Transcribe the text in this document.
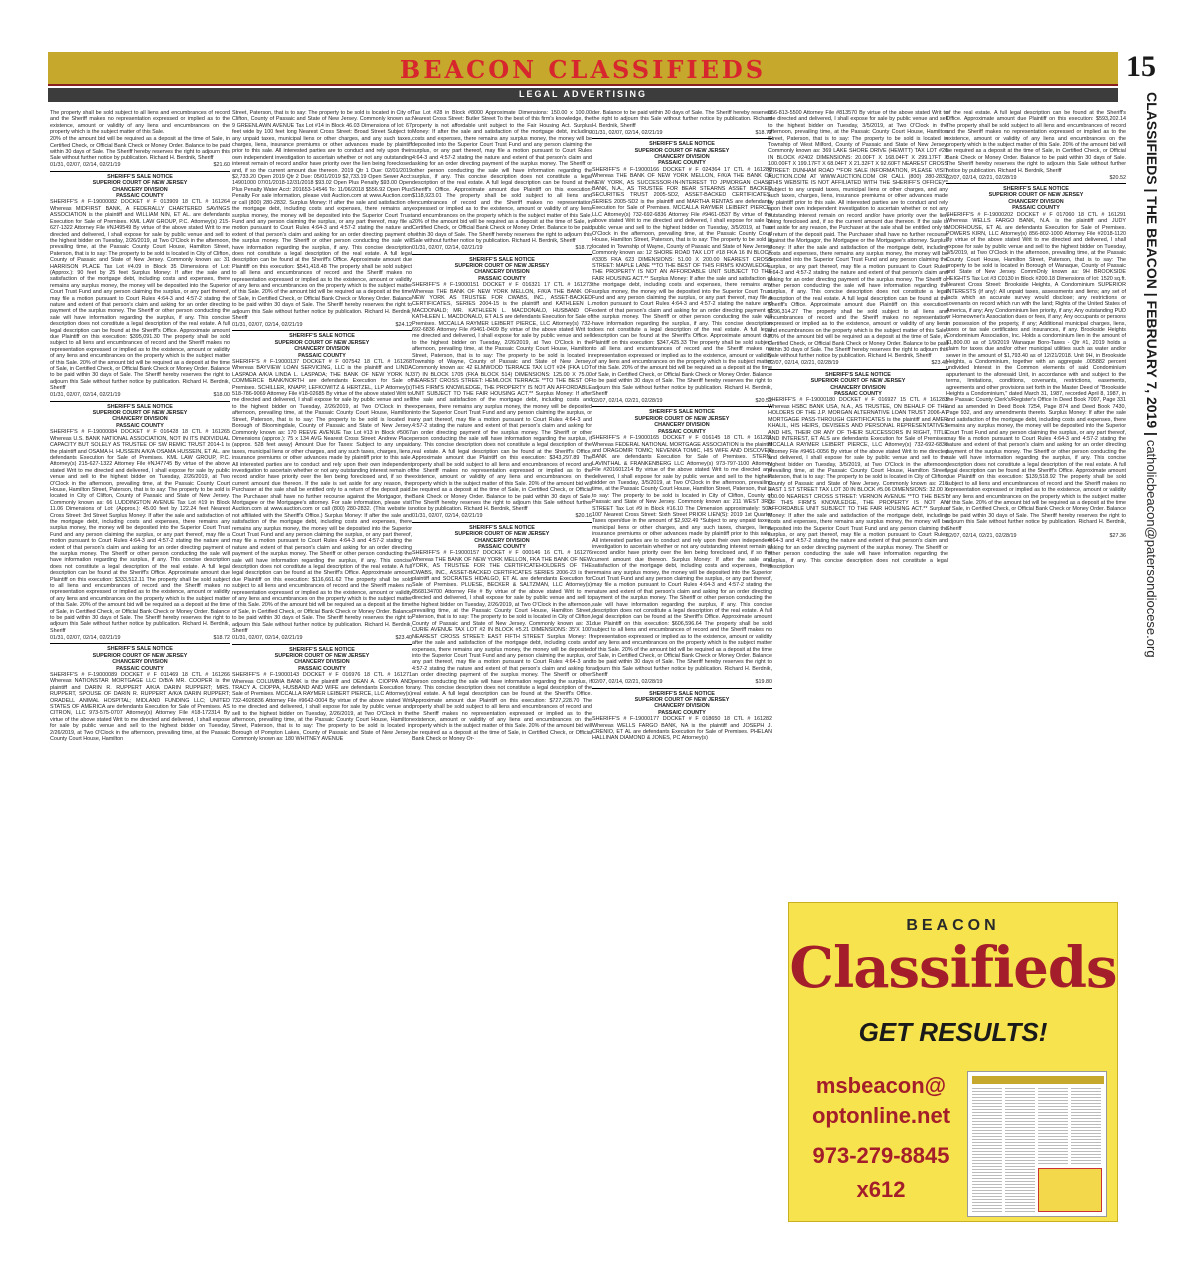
BEACON CLASSIFIEDS
LEGAL ADVERTISING
15
CLASSIFIEDS | THE BEACON | FEBRUARY 7, 2019 | catholicbeacon@patersondiocese.org

The property shall be sold subject to all liens and encumbrances of record and the Sheriff makes no representation expressed or implied as to the existence, amount or validity of any liens and encumbrances on the property which is the subject matter of this Sale.

20% of the amount bid will be required as a deposit at the time of Sale, in Certified Check, or Official Bank Check or Money Order. Balance to be paid within 30 days of Sale. The Sheriff hereby reserves the right to adjourn this Sale without further notice by publication. Richard H. Berdnik, Sheriff

01/31, 02/07, 02/14, 02/21/19	$21.60

SHERIFF'S SALE NOTICE

SUPERIOR COURT OF NEW JERSEY

CHANCERY DIVISION

PASSAIC COUNTY

SHERIFF'S # F-19000082 DOCKET # F 013909 18 CTL # 161264 Whereas MIDFIRST BANK, A FEDERALLY CHARTERED SAVINGS ASSOCIATION is the plaintiff and WILLIAM NIN, ET AL. are defendants Execution for Sale of Premises. KML LAW GROUP, P.C. Attorney(s) 215-627-1322 Attorney File #NJ49549 By virtue of the above stated Writ to me directed and delivered, I shall expose for sale by public venue and sell to the highest bidder on Tuesday, 2/26/2019, at Two O'Clock in the afternoon, prevailing time, at the Passaic County Court House, Hamilton Street, Paterson, that is to say: The property to be sold is located in City of Clifton, County of Passaic and State of New Jersey. Commonly known as: 31 HARRISON PLACE Tax Lot #4.09 in Block 35 Dimensions of Lot: (Approx.): 90 feet by 25 feet Surplus Money: If after the sale and satisfaction of the mortgage debt, including costs and expenses, there remains any surplus money, the money will be deposited into the Superior Court Trust Fund and any person claiming the surplus, or any part thereof, may file a motion pursuant to Court Rules 4:64-3 and 4:57-2 stating the nature and extent of that person's claim and asking for an order directing payment of the surplus money. The Sheriff or other person conducting the sale will have information regarding the surplus, if any. This concise description does not constitute a legal description of the real estate. A full legal description can be found at the Sheriff's Office. Approximate amount due Plaintiff on this execution: $395,091.30 The property shall be sold subject to all liens and encumbrances of record and the Sheriff makes no representation expressed or implied as to the existence, amount or validity of any liens and encumbrances on the property which is the subject matter of this Sale. 20% of the amount bid will be required as a deposit at the time of Sale, in Certified Check, or Official Bank Check or Money Order. Balance to be paid within 30 days of Sale. The Sheriff hereby reserves the right to adjourn this Sale without further notice by publication. Richard H. Berdnik, Sheriff

01/31, 02/07, 02/14, 02/21/19	$18.00

SHERIFF'S SALE NOTICE

SUPERIOR COURT OF NEW JERSEY

CHANCERY DIVISION

PASSAIC COUNTY

SHERIFF'S # F-19000084 DOCKET # F 016428 18 CTL # 161265 Whereas U.S. BANK NATIONAL ASSOCIATION, NOT IN ITS INDIVIDUAL CAPACITY BUT SOLELY AS TRUSTEE OF SW REMIC TRUST 2014-1 is the plaintiff and OSAMA H. HUSSEIN A/K/A OSAMA HUSSEIN, ET AL. are defendants Execution for Sale of Premises. KML LAW GROUP, P.C. Attorney(s) 215-627-1322 Attorney File #NJ47745 By virtue of the above stated Writ to me directed and delivered, I shall expose for sale by public venue and sell to the highest bidder on Tuesday, 2/26/2019, at Two O'Clock in the afternoon, prevailing time, at the Passaic County Court House, Hamilton Street, Paterson, that is to say: The property to be sold is located in City of Clifton, County of Passaic and State of New Jersey. Commonly known as: 66 LUDDINGTON AVENUE Tax Lot #19 in Block 11.06 Dimensions of Lot: (Approx.): 45.00 feet by 122.24 feet Nearest Cross Street: 3rd Street Surplus Money: If after the sale and satisfaction of the mortgage debt, including costs and expenses, there remains any surplus money, the money will be deposited into the Superior Court Trust Fund and any person claiming the surplus, or any part thereof, may file a motion pursuant to Court Rules 4:64-3 and 4:57-2 stating the nature and extent of that person's claim and asking for an order directing payment of the surplus money. The Sheriff or other person conducting the sale will have information regarding the surplus, if any. This concise description does not constitute a legal description of the real estate. A full legal description can be found at the Sheriff's Office. Approximate amount due Plaintiff on this execution: $333,512.11 The property shall be sold subject to all liens and encumbrances of record and the Sheriff makes no representation expressed or implied as to the existence, amount or validity of any liens and encumbrances on the property which is the subject matter of this Sale. 20% of the amount bid will be required as a deposit at the time of Sale, in Certified Check, or Official Bank Check or Money Order. Balance to be paid within 30 days of Sale. The Sheriff hereby reserves the right to adjourn this Sale without further notice by publication. Richard H. Berdnik, Sheriff

01/31, 02/07, 02/14, 02/21/19	$18.72

SHERIFF'S SALE NOTICE

SUPERIOR COURT OF NEW JERSEY

CHANCERY DIVISION

PASSAIC COUNTY

SHERIFF'S # F-19000089 DOCKET # F 011469 18 CTL # 161266 Whereas NATIONSTAR MORTGAGE LLC D/B/A MR. COOPER is the plaintiff and DARIN R. RUPPERT A/K/A DARIN RUPPERT; MRS. RUPPERT, SPOUSE OF DARIN R. RUPPERT A/K/A DARIN RUPPERT; ORADELL ANIMAL HOSPITAL; MIDLAND FUNDING LLC; UNITED STATES OF AMERICA are defendants Execution for Sale of Premises. AS CITRON, LLC 973-575-0707 Attorney(s) Attorney File #18-172314 By virtue of the above stated Writ to me directed and delivered, I shall expose for sale by public venue and sell to the highest bidder on Tuesday, 2/26/2019, at Two O'Clock in the afternoon, prevailing time, at the Passaic County Court House, Hamilton

Street, Paterson, that is to say: The property to be sold is located in City of Clifton, County of Passaic and State of New Jersey. Commonly known as: 9 GREENLAWN AVENUE Tax Lot #14 in Block 46.03 Dimensions of lot: 67 feet wide by 100 feet long Nearest Cross Street: Broad Street Subject to any unpaid taxes, municipal liens or other charges, and any such taxes, charges, liens, insurance premiums or other advances made by plaintiff prior to this sale. All interested parties are to conduct and rely upon their own independent investigation to ascertain whether or not any outstanding interest remain of record and/or have priority over the lien being foreclosed and, if so the current amount due thereon. 2019 Qtr 1 Due: 02/01/2019 $2,733.20 Open 2019 Qtr 2 Due: 05/01/2019 $2,733.19 Open Sewer Acct: 14901000 07/01/2018-12/31/2018 $93.02 Open Plus Penalty $93.00 Open Plus Penalty Water Acct: 201653-14546 To: 11/06/2018 $556.92 Open Plus Penalty For sale information, please visit Auction.com at www.Auction.com or call (800) 280-2832. Surplus Money: If after the sale and satisfaction of the mortgage debt, including costs and expenses, there remains any surplus money, the money will be deposited into the Superior Court Trust Fund and any person claiming the surplus, or any part thereof, may file a motion pursuant to Court Rules 4:64-3 and 4:57-2 stating the nature and extent of that person's claim and asking for an order directing payment of the surplus money. The Sheriff or other person conducting the sale will have information regarding the surplus, if any. This concise description does not constitute a legal description of the real estate. A full legal description can be found at the Sheriff's Office. Approximate amount due Plaintiff on this execution: $541,418.48 The property shall be sold subject to all liens and encumbrances of record and the Sheriff makes no representation expressed or implied as to the existence, amount or validity of any liens and encumbrances on the property which is the subject matter of this Sale. 20% of the amount bid will be required as a deposit at the time of Sale, in Certified Check, or Official Bank Check or Money Order. Balance to be paid within 30 days of Sale. The Sheriff hereby reserves the right to adjourn this Sale without further notice by publication. Richard H. Berdnik, Sheriff

01/31, 02/07, 02/14, 02/21/19	$24.12

SHERIFF'S SALE NOTICE

SUPERIOR COURT OF NEW JERSEY

CHANCERY DIVISION

PASSAIC COUNTY

SHERIFF'S # F-19000137 DOCKET # F 007542 18 CTL # 161268 Whereas BAYVIEW LOAN SERVICING, LLC is the plaintiff and LINDA LASPADA A/K/A LINDA L. LASPADA; THE BANK OF NEW YORK NJ COMMERCE BANK/NORTH are defendants Execution for Sale of Premises. SCHILLER, KNAPP, LEFKOWITZ & HERTZEL, LLP Attorney(s) 518-786-9069 Attorney File #18-02685 By virtue of the above stated Writ to me directed and delivered, I shall expose for sale by public venue and sell to the highest bidder on Tuesday, 2/26/2019, at Two O'Clock in the afternoon, prevailing time, at the Passaic County Court House, Hamilton Street, Paterson, that is to say: The property to be sold is located in Borough of Bloomingdale, County of Passaic and State of New Jersey. Commonly known as: 170 REEVE AVENUE Tax Lot #13 in Block #5067 Dimensions (approx.): 75 x 134 AVG Nearest Cross Street: Andrew Place (approx. 528 feet away) Amount Due for Taxes: Subject to any unpaid taxes, municipal liens or other charges, and any such taxes, charges, liens, insurance premiums or other advances made by plaintiff prior to this sale. All interested parties are to conduct and rely upon their own independent investigation to ascertain whether or not any outstanding interest remain of record and/or have priority over the lien being foreclosed and, if so the current amount due thereon. If the sale is set aside for any reason, the Purchaser at the sale shall be entitled only to a return of the deposit paid. The Purchaser shall have no further recourse against the Mortgagor, the Mortgagee or the Mortgagee's attorney. For sale information, please visit Auction.com at www.auction.com or call (800) 280-2832. (This website is not affiliated with the Sheriff's Office.) Surplus Money: If after the sale and satisfaction of the mortgage debt, including costs and expenses, there remains any surplus money, the money will be deposited into the Superior Court Trust Fund and any person claiming the surplus, or any part thereof, may file a motion pursuant to Court Rules 4:64-3 and 4:57-2 stating the nature and extent of that person's claim and asking for an order directing payment of the surplus money. The Sheriff or other person conducting the sale will have information regarding the surplus, if any. This concise description does not constitute a legal description of the real estate. A full legal description can be found at the Sheriff's Office. Approximate amount due Plaintiff on this execution: $116,661.62 The property shall be sold subject to all liens and encumbrances of record and the Sheriff makes no representation expressed or implied as to the existence, amount or validity of any liens and encumbrances on the property which is the subject matter of this Sale. 20% of the amount bid will be required as a deposit at the time of Sale, in Certified Check, or Official Bank Check or Money Order. Balance to be paid within 30 days of Sale. The Sheriff hereby reserves the right to adjourn this Sale without further notice by publication. Richard H. Berdnik, Sheriff

01/31, 02/07, 02/14, 02/21/19	$23.40

SHERIFF'S SALE NOTICE

SUPERIOR COURT OF NEW JERSEY

CHANCERY DIVISION

PASSAIC COUNTY

SHERIFF'S # F-19000143 DOCKET # F 016976 18 CTL # 161271 Whereas COLUMBIA BANK is the plaintiff and DEAN A. CIOPPA AND TRACY A. CIOPPA, HUSBAND AND WIFE are defendants Execution for Sale of Premises. MCCALLA RAYMER LEIBERT PIERCE, LLC Attorney(s) 732-4926836 Attorney File #9642-0004 By virtue of the above stated Writ to me directed and delivered, I shall expose for sale by public venue and sell to the highest bidder on Tuesday, 2/26/2019, at Two O'Clock in the afternoon, prevailing time, at the Passaic County Court House, Hamilton Street, Paterson, that is to say: The property to be sold is located in Borough of Pompton Lakes, County of Passaic and State of New Jersey. Commonly known as: 180 WHITNEY AVENUE

Tax Lot #28 in Block #8000 Approximate Dimensions: 150.00 x 100.00 Nearest Cross Street: Butler Street To the best of this firm's knowledge, the property is not affordable unit subject to the Fair Housing Act. Surplus Money: If after the sale and satisfaction of the mortgage debt, including costs and expenses, there remains any surplus money, the money will be deposited into the Superior Court Trust Fund and any person claiming the surplus, or any part thereof, may file a motion pursuant to Court Rules 4:64-3 and 4:57-2 stating the nature and extent of that person's claim and asking for an order directing payment of the surplus money. The Sheriff or other person conducting the sale will have information regarding the surplus, if any. This concise description does not constitute a legal description of the real estate. A full legal description can be found at the Sheriff's Office. Approximate amount due Plaintiff on this execution: $118,923.01 The property shall be sold subject to all liens and encumbrances of record and the Sheriff makes no representation expressed or implied as to the existence, amount or validity of any liens and encumbrances on the property which is the subject matter of this Sale. 20% of the amount bid will be required as a deposit at the time of Sale, in Certified Check, or Official Bank Check or Money Order. Balance to be paid within 30 days of Sale. The Sheriff hereby reserves the right to adjourn this Sale without further notice by publication. Richard H. Berdnik, Sheriff

01/31, 02/07, 02/14, 02/21/19	$18.72

SHERIFF'S SALE NOTICE

SUPERIOR COURT OF NEW JERSEY

CHANCERY DIVISION

PASSAIC COUNTY

SHERIFF'S # F-19000151 DOCKET # F 016321 17 CTL # 161273 Whereas THE BANK OF NEW YORK MELLON, F/K/A THE BANK OF NEW YORK AS TRUSTEE FOR CWABS, INC., ASSET-BACKED CERTIFICATES, SERIES 2004-15 is the plaintiff and KATHLEEN L. MACDONALD; MR. KATHLEEN L. MACDONALD, HUSBAND OF KATHLEEN L. MACDONALD, ET ALS are defendants Execution for Sale of Premises. MCCALLA RAYMER LEIBERT PIERCE, LLC Attorney(s) 732-692-6836 Attorney File #9461-0409 By virtue of the above stated Writ to me directed and delivered, I shall expose for sale by public venue and sell to the highest bidder on Tuesday, 2/26/2019, at Two O'Clock in the afternoon, prevailing time, at the Passaic County Court House, Hamilton Street, Paterson, that is to say: The property to be sold is located in Township of Wayne, County of Passaic and State of New Jersey. Commonly known as: 42 ELMWOOD TERRACE TAX LOT #24 (FKA LOT 37) IN BLOCK 1705 (FKA BLOCK 514) DIMENSIONS: 125.00 X 75.00 NEAREST CROSS STREET: HEMLOCK TERRACE **TO THE BEST OF THIS FIRM'S KNOWLEDGE, THE PROPERTY IS NOT AN AFFORDABLE UNIT SUBJECT TO THE FAIR HOUSING ACT.** Surplus Money: If after the sale and satisfaction of the mortgage debt, including costs and expenses, there remains any surplus money, the money will be deposited into the Superior Court Trust Fund and any person claiming the surplus, or any part thereof, may file a motion pursuant to Court Rules 4:64-3 and 4:57-2 stating the nature and extent of that person's claim and asking for an order directing payment of the surplus money. The Sheriff or other person conducting the sale will have information regarding the surplus, if any. This concise description does not constitute a legal description of the real estate. A full legal description can be found at the Sheriff's Office. Approximate amount due Plaintiff on this execution: $343,297.89 The property shall be sold subject to all liens and encumbrances of record and the Sheriff makes no representation expressed or implied as to the existence, amount or validity of any liens and encumbrances on the property which is the subject matter of this Sale. 20% of the amount bid will be required as a deposit at the time of Sale, in Certified Check, or Official Bank Check or Money Order. Balance to be paid within 30 days of Sale. The Sheriff hereby reserves the right to adjourn this Sale without further notice by publication. Richard H. Berdnik, Sheriff

01/31, 02/07, 02/14, 02/21/19	$20.16

SHERIFF'S SALE NOTICE

SUPERIOR COURT OF NEW JERSEY

CHANCERY DIVISION

PASSAIC COUNTY

SHERIFF'S # F-19000157 DOCKET # F 000146 16 CTL # 161276 Whereas THE BANK OF NEW YORK MELLON, FKA THE BANK OF NEW YORK, AS TRUSTEE FOR THE CERTIFICATEHOLDERS OF THE CWABS, INC., ASSET-BACKED CERTIFICATES SERIES 2006-23 is the plaintiff and SOCRATES HIDALGO, ET AL are defendants Execution for Sale of Premises. PLUESE, BECKER & SALTZMAN, LLC Attorney(s) 8568134700 Attorney File # By virtue of the above stated Writ to me directed and delivered, I shall expose for sale by public venue and sell to the highest bidder on Tuesday, 2/26/2019, at Two O'Clock in the afternoon, prevailing time, at the Passaic County Court House, Hamilton Street, Paterson, that is to say: The property to be sold is located in City of Clifton, County of Passaic and State of New Jersey. Commonly known as: 31 CURIE AVENUE TAX LOT #2 IN BLOCK #5.21 DIMENSIONS: 35'X 100' NEAREST CROSS STREET: EAST FIFTH STREET Surplus Money: If after the sale and satisfaction of the mortgage debt, including costs and expenses, there remains any surplus money, the money will be deposited into the Superior Court Trust Fund and any person claiming the surplus, or any part thereof, may file a motion pursuant to Court Rules 4:64-3 and 4:57-2 stating the nature and extent of that person's claim and asking for an order directing payment of the surplus money. The Sheriff or other person conducting the sale will have information regarding the surplus, if any. This concise description does not constitute a legal description of the real estate. A full legal description can be found at the Sheriff's Office. Approximate amount due Plaintiff on this execution: $727,228.70 The property shall be sold subject to all liens and encumbrances of record and the Sheriff makes no representation expressed or implied as to the existence, amount or validity of any liens and encumbrances on the property which is the subject matter of this Sale. 20% of the amount bid will be required as a deposit at the time of Sale, in Certified Check, or Official Bank Check or Money Or-

der. Balance to be paid within 30 days of Sale. The Sheriff hereby reserves the right to adjourn this Sale without further notice by publication. Richard H. Berdnik, Sheriff

01/31, 02/07, 02/14, 02/21/19	$18.72

SHERIFF'S SALE NOTICE

SUPERIOR COURT OF NEW JERSEY

CHANCERY DIVISION

PASSAIC COUNTY

SHERIFF'S # F-19000166 DOCKET # F 024364 17 CTL # 161280 Whereas THE BANK OF NEW YORK MELLON, F/K/A THE BANK OF NEW YORK, AS SUCCESSOR-IN-INTEREST TO JPMORGAN CHASE BANK, N.A., AS TRUSTEE FOR BEAR STEARNS ASSET BACKED SECURITIES TRUST 2005-SD2, ASSET-BACKED CERTIFICATES, SERIES 2005-SD2 is the plaintiff and MARTHA RENTAS are defendants Execution for Sale of Premises. MCCALLA RAYMER LEIBERT PIERCE, LLC Attorney(s) 732-692-6836 Attorney File #9461-0537 By virtue of the above stated Writ to me directed and delivered, I shall expose for sale by public venue and sell to the highest bidder on Tuesday, 3/5/2019, at Two O'Clock in the afternoon, prevailing time, at the Passaic County Court House, Hamilton Street, Paterson, that is to say: The property to be sold is located in Township of Wayne, County of Passaic and State of New Jersey. Commonly known as: 12 SHORE ROAD TAX LOT #18 FKA 16 IN BLOCK #3305 FKA 623 DIMENSIONS: 51.00 X 200.00 NEAREST CROSS STREET: MAPLE LANE **TO THE BEST OF THIS FIRM'S KNOWLEDGE, THE PROPERTY IS NOT AN AFFORDABLE UNIT SUBJECT TO THE FAIR HOUSING ACT.** Surplus Money: If after the sale and satisfaction of the mortgage debt, including costs and expenses, there remains any surplus money, the money will be deposited into the Superior Court Trust Fund and any person claiming the surplus, or any part thereof, may file a motion pursuant to Court Rules 4:64-3 and 4:57-2 stating the nature and extent of that person's claim and asking for an order directing payment of the surplus money. The Sheriff or other person conducting the sale will have information regarding the surplus, if any. This concise description does not constitute a legal description of the real estate. A full legal description can be found at the Sheriff's Office. Approximate amount due Plaintiff on this execution: $347,425.33 The property shall be sold subject to all liens and encumbrances of record and the Sheriff makes no representation expressed or implied as to the existence, amount or validity of any liens and encumbrances on the property which is the subject matter of this Sale. 20% of the amount bid will be required as a deposit at the time of Sale, in Certified Check, or Official Bank Check or Money Order. Balance to be paid within 30 days of Sale. The Sheriff hereby reserves the right to adjourn this Sale without further notice by publication. Richard H. Berdnik, Sheriff

02/07, 02/14, 02/21, 02/28/19	$20.52

SHERIFF'S SALE NOTICE

SUPERIOR COURT OF NEW JERSEY

CHANCERY DIVISION

PASSAIC COUNTY

SHERIFF'S # F-19000165 DOCKET # F 016145 18 CTL # 161281 Whereas FEDERAL NATIONAL MORTGAGE ASSOCIATION is the plaintiff and DRAGOMIR TOMIC; NEVENKA TOMIC, HIS WIFE AND DISCOVER BANK are defendants Execution for Sale of Premises. STERN, LAVINTHAL & FRANKENBERG LLC Attorney(s) 973-797-1100 Attorney File #201601214 By virtue of the above stated Writ to me directed and delivered, I shall expose for sale by public venue and sell to the highest bidder on Tuesday, 3/5/2019, at Two O'Clock in the afternoon, prevailing time, at the Passaic County Court House, Hamilton Street, Paterson, that is to say: The property to be sold is located in City of Clifton, County of Passaic and State of New Jersey. Commonly known as: 211 WEST 3RD STREET Tax Lot #9 in Block #16.10 The Dimension approximately: 50'x 100' Nearest Cross Street: Sixth Street PRIOR LIEN(S): 2019 1st Quarter Taxes open/due in the amount of $2,932.49 *Subject to any unpaid taxes, municipal liens or other charges, and any such taxes, charges, liens, insurance premiums or other advances made by plaintiff prior to this sale. All interested parties are to conduct and rely upon their own independent investigation to ascertain whether or not any outstanding interest remain of record and/or have priority over the lien being foreclosed and, if so the current amount due thereon. Surplus Money: If after the sale and satisfaction of the mortgage debt, including costs and expenses, there remains any surplus money, the money will be deposited into the Superior Court Trust Fund and any person claiming the surplus, or any part thereof, may file a motion pursuant to Court Rules 4:64-3 and 4:57-2 stating the nature and extent of that person's claim and asking for an order directing payment of the surplus money. The Sheriff or other person conducting the sale will have information regarding the surplus, if any. This concise description does not constitute a legal description of the real estate. A full legal description can be found at the Sheriff's Office. Approximate amount due Plaintiff on this execution: $606,596.64 The property shall be sold subject to all liens and encumbrances of record and the Sheriff makes no representation expressed or implied as to the existence, amount or validity of any liens and encumbrances on the property which is the subject matter of this Sale. 20% of the amount bid will be required as a deposit at the time of Sale, in Certified Check, or Official Bank Check or Money Order. Balance to be paid within 30 days of Sale. The Sheriff hereby reserves the right to adjourn this Sale without further notice by publication. Richard H. Berdnik, Sheriff

02/07, 02/14, 02/21, 02/28/19	$19.80

SHERIFF'S SALE NOTICE

SUPERIOR COURT OF NEW JERSEY

CHANCERY DIVISION

PASSAIC COUNTY

SHERIFF'S # F-19000177 DOCKET # F 018650 18 CTL # 161282 Whereas WELLS FARGO BANK, NA is the plaintiff and JOSEPH J. CRENIO, ET AL are defendants Execution for Sale of Premises. PHELAN HALLINAN DIAMOND & JONES, PC Attorney(s)

856-813-5500 Attorney File #813570 By virtue of the above stated Writ to me directed and delivered, I shall expose for sale by public venue and sell to the highest bidder on Tuesday, 3/5/2019, at Two O'Clock in the afternoon, prevailing time, at the Passaic County Court House, Hamilton Street, Paterson, that is to say: The property to be sold is located in Township of West Milford, County of Passaic and State of New Jersey. Commonly known as: 369 LAKE SHORE DRIVE (HEWITT) TAX LOT #26 IN BLOCK #2402 DIMENSIONS: 20.00FT X 168.04FT X 299.17FT X 100.00FT X 199.17FT X 68.04FT X 21.32FT X 92.60FT NEAREST CROSS STREET: DUNHAM ROAD **FOR SALE INFORMATION, PLEASE VISIT AUCTION.COM AT WWW.AUCTION.COM OR CALL (800) 280-2832 (THIS WEBSITE IS NOT AFFILIATED WITH THE SHERIFF'S OFFICE)** Subject to any unpaid taxes, municipal liens or other charges, and any such taxes, charges, liens, insurance premiums or other advances made by plaintiff prior to this sale. All interested parties are to conduct and rely upon their own independent investigation to ascertain whether or not any outstanding interest remain on record and/or have priority over the lien being foreclosed and, if so the current amount due thereon. If the sale is set aside for any reason, the Purchaser at the sale shall be entitled only to a return of the deposit paid. The Purchaser shall have no further recourse against the Mortgagor, the Mortgagee or the Mortgagee's attorney. Surplus Money: If after the sale and satisfaction of the mortgage debt, including costs and expenses, there remains any surplus money, the money will be deposited into the Superior Court Trust Fund and any person claiming the surplus, or any part thereof, may file a motion pursuant to Court Rules 4:64-3 and 4:57-2 stating the nature and extent of that person's claim and asking for an order directing payment of the surplus money. The Sheriff or other person conducting the sale will have information regarding the surplus, if any. This concise description does not constitute a legal description of the real estate. A full legal description can be found at the Sheriff's Office. Approximate amount due Plaintiff on this execution: $296,314.27 The property shall be sold subject to all liens and encumbrances of record and the Sheriff makes no representation expressed or implied as to the existence, amount or validity of any liens and encumbrances on the property which is the subject matter of this Sale. 20% of the amount bid will be required as a deposit at the time of Sale, in Certified Check, or Official Bank Check or Money Order. Balance to be paid within 30 days of Sale. The Sheriff hereby reserves the right to adjourn this Sale without further notice by publication. Richard H. Berdnik, Sheriff

02/07, 02/14, 02/21, 02/28/19	$23.40

SHERIFF'S SALE NOTICE

SUPERIOR COURT OF NEW JERSEY

CHANCERY DIVISION

PASSAIC COUNTY

SHERIFF'S # F-19000180 DOCKET # F 016927 15 CTL # 161283 Whereas HSBC BANK USA, N.A., AS TRUSTEE, ON BEHALF OF THE HOLDERS OF THE J.P. MORGAN ALTERNATIVE LOAN TRUST 2006-A7 MORTGAGE PASS-THROUGH CERTIFICATES is the plaintiff and AMER KHALIL, HIS HEIRS, DEVISEES AND PERSONAL REPRESENTATIVES AND HIS, THEIR OR ANY OF THEIR SUCCESSORS IN RIGHT, TITLE AND INTEREST, ET ALS are defendants Execution for Sale of Premises. MCCALLA RAYMER LEIBERT PIERCE, LLC Attorney(s) 732-692-6836 Attorney File #9461-0056 By virtue of the above stated Writ to me directed and delivered, I shall expose for sale by public venue and sell to the highest bidder on Tuesday, 3/5/2019, at Two O'Clock in the afternoon, prevailing time, at the Passaic County Court House, Hamilton Street, Paterson, that is to say: The property to be sold is located in City of Clifton, County of Passaic and State of New Jersey. Commonly known as: 216 EAST 1 ST STREET TAX LOT 30 IN BLOCK #5.06 DIMENSIONS: 32.00 X 100.00 NEAREST CROSS STREET: VERNON AVENUE **TO THE BEST OF THIS FIRM'S KNOWLEDGE, THE PROPERTY IS NOT AN AFFORDABLE UNIT SUBJECT TO THE FAIR HOUSING ACT.** Surplus Money: If after the sale and satisfaction of the mortgage debt, including costs and expenses, there remains any surplus money, the money will be deposited into the Superior Court Trust Fund and any person claiming the surplus, or any part thereof, may file a motion pursuant to Court Rules 4:64-3 and 4:57-2 stating the nature and extent of that person's claim and asking for an order directing payment of the surplus money. The Sheriff or other person conducting the sale will have information regarding the surplus, if any. This concise description does not constitute a legal description

of the real estate. A full legal description can be found at the Sheriff's Office. Approximate amount due Plaintiff on this execution: $593,202.14 The property shall be sold subject to all liens and encumbrances of record and the Sheriff makes no representation expressed or implied as to the existence, amount or validity of any liens and encumbrances on the property which is the subject matter of this Sale. 20% of the amount bid will be required as a deposit at the time of Sale, in Certified Check, or Official Bank Check or Money Order. Balance to be paid within 30 days of Sale. The Sheriff hereby reserves the right to adjourn this Sale without further notice by publication. Richard H. Berdnik, Sheriff

02/07, 02/14, 02/21, 02/28/19	$20.52

SHERIFF'S SALE NOTICE

SUPERIOR COURT OF NEW JERSEY

CHANCERY DIVISION

PASSAIC COUNTY

SHERIFF'S # F-19000202 DOCKET # F 017060 18 CTL # 161291 Whereas WELLS FARGO BANK, N.A. is the plaintiff and JUDY MOORHOUSE, ET AL are defendants Execution for Sale of Premises. POWERS KIRN, LLC Attorney(s) 856-802-1000 Attorney File #2018-1120 By virtue of the above stated Writ to me directed and delivered, I shall expose for sale by public venue and sell to the highest bidder on Tuesday, 3/5/2019, at Two O'Clock in the afternoon, prevailing time, at the Passaic County Court House, Hamilton Street, Paterson, that is to say: The property to be sold is located in Borough of Wanaque, County of Passaic and State of New Jersey. CommOnly known as: 9H BROOKSIDE HEIGHTS Tax Lot #3 C0130 in Block #200.18 Dimensions of lot: 1520 sq.ft. Nearest Cross Street: Brookside Heights, A Condominium SUPERIOR INTERESTS (if any): All unpaid taxes, assessments and liens; any set of facts which an accurate survey would disclose; any restrictions or covenants on record which run with the land; Rights of the United States of America, if any; Any Condominium lien priority, if any; Any outstanding PUD or Homeowner's Association dues or fees, if any; Any occupants or persons in possession of the property, if any; Additional municipal charges, liens, taxes or tax sale certificates and insurances, if any. Brookside Heights Condominium Association, Inc. Holds a condominium lien in the amount of $1,800.00 as of 1/9/2019 Wanaque Boro-Taxes - Qtr #1, 2019 holds a claim for taxes due and/or other municipal utilities such as water and/or sewer in the amount of $1,793.40 as of 12/21/2018. Unit 9H, in Brookside Heights, a Condominium, together with an aggregate .005882 percent undivided Interest in the Common elements of said Condominium appurtenant to the aforesaid Unit, in accordance with and subject to the terms, limitations, conditions, covenants, restrictions, easements, agreements and other provisions set forth in the Master Deed of "Brookside Heights a Condominium," dated March 31, 1987, recorded April 8, 1987, in the Passaic County Clerk's/Register's Office In Deed Book 7097, Page 331 and as amended in Deed Book 7254, Page 874 and Deed Book 7430, Page 932, and any amendments thereto. Surplus Money: If after the sale and satisfaction of the mortgage debt, including costs and expenses, there remains any surplus money, the money will be deposited into the Superior Court Trust Fund and any person claiming the surplus, or any part thereof, may file a motion pursuant to Court Rules 4:64-3 and 4:57-2 stating the nature and extent of that person's claim and asking for an order directing payment of the surplus money. The Sheriff or other person conducting the sale will have information regarding the surplus, if any. This concise description does not constitute a legal description of the real estate. A full legal description can be found at the Sheriff's Office. Approximate amount due Plaintiff on this execution: $139,518.92 The property shall be sold subject to all liens and encumbrances of record and the Sheriff makes no representation expressed or implied as to the existence, amount or validity of any liens and encumbrances on the property which is the subject matter of this Sale. 20% of the amount bid will be required as a deposit at the time of Sale, in Certified Check, or Official Bank Check or Money Order. Balance to be paid within 30 days of Sale. The Sheriff hereby reserves the right to adjourn this Sale without further notice by publication. Richard H. Berdnik, Sheriff

02/07, 02/14, 02/21, 02/28/19	$27.36

BEACON
Classifieds
GET RESULTS!
msbeacon@
optonline.net
973-279-8845
x612
